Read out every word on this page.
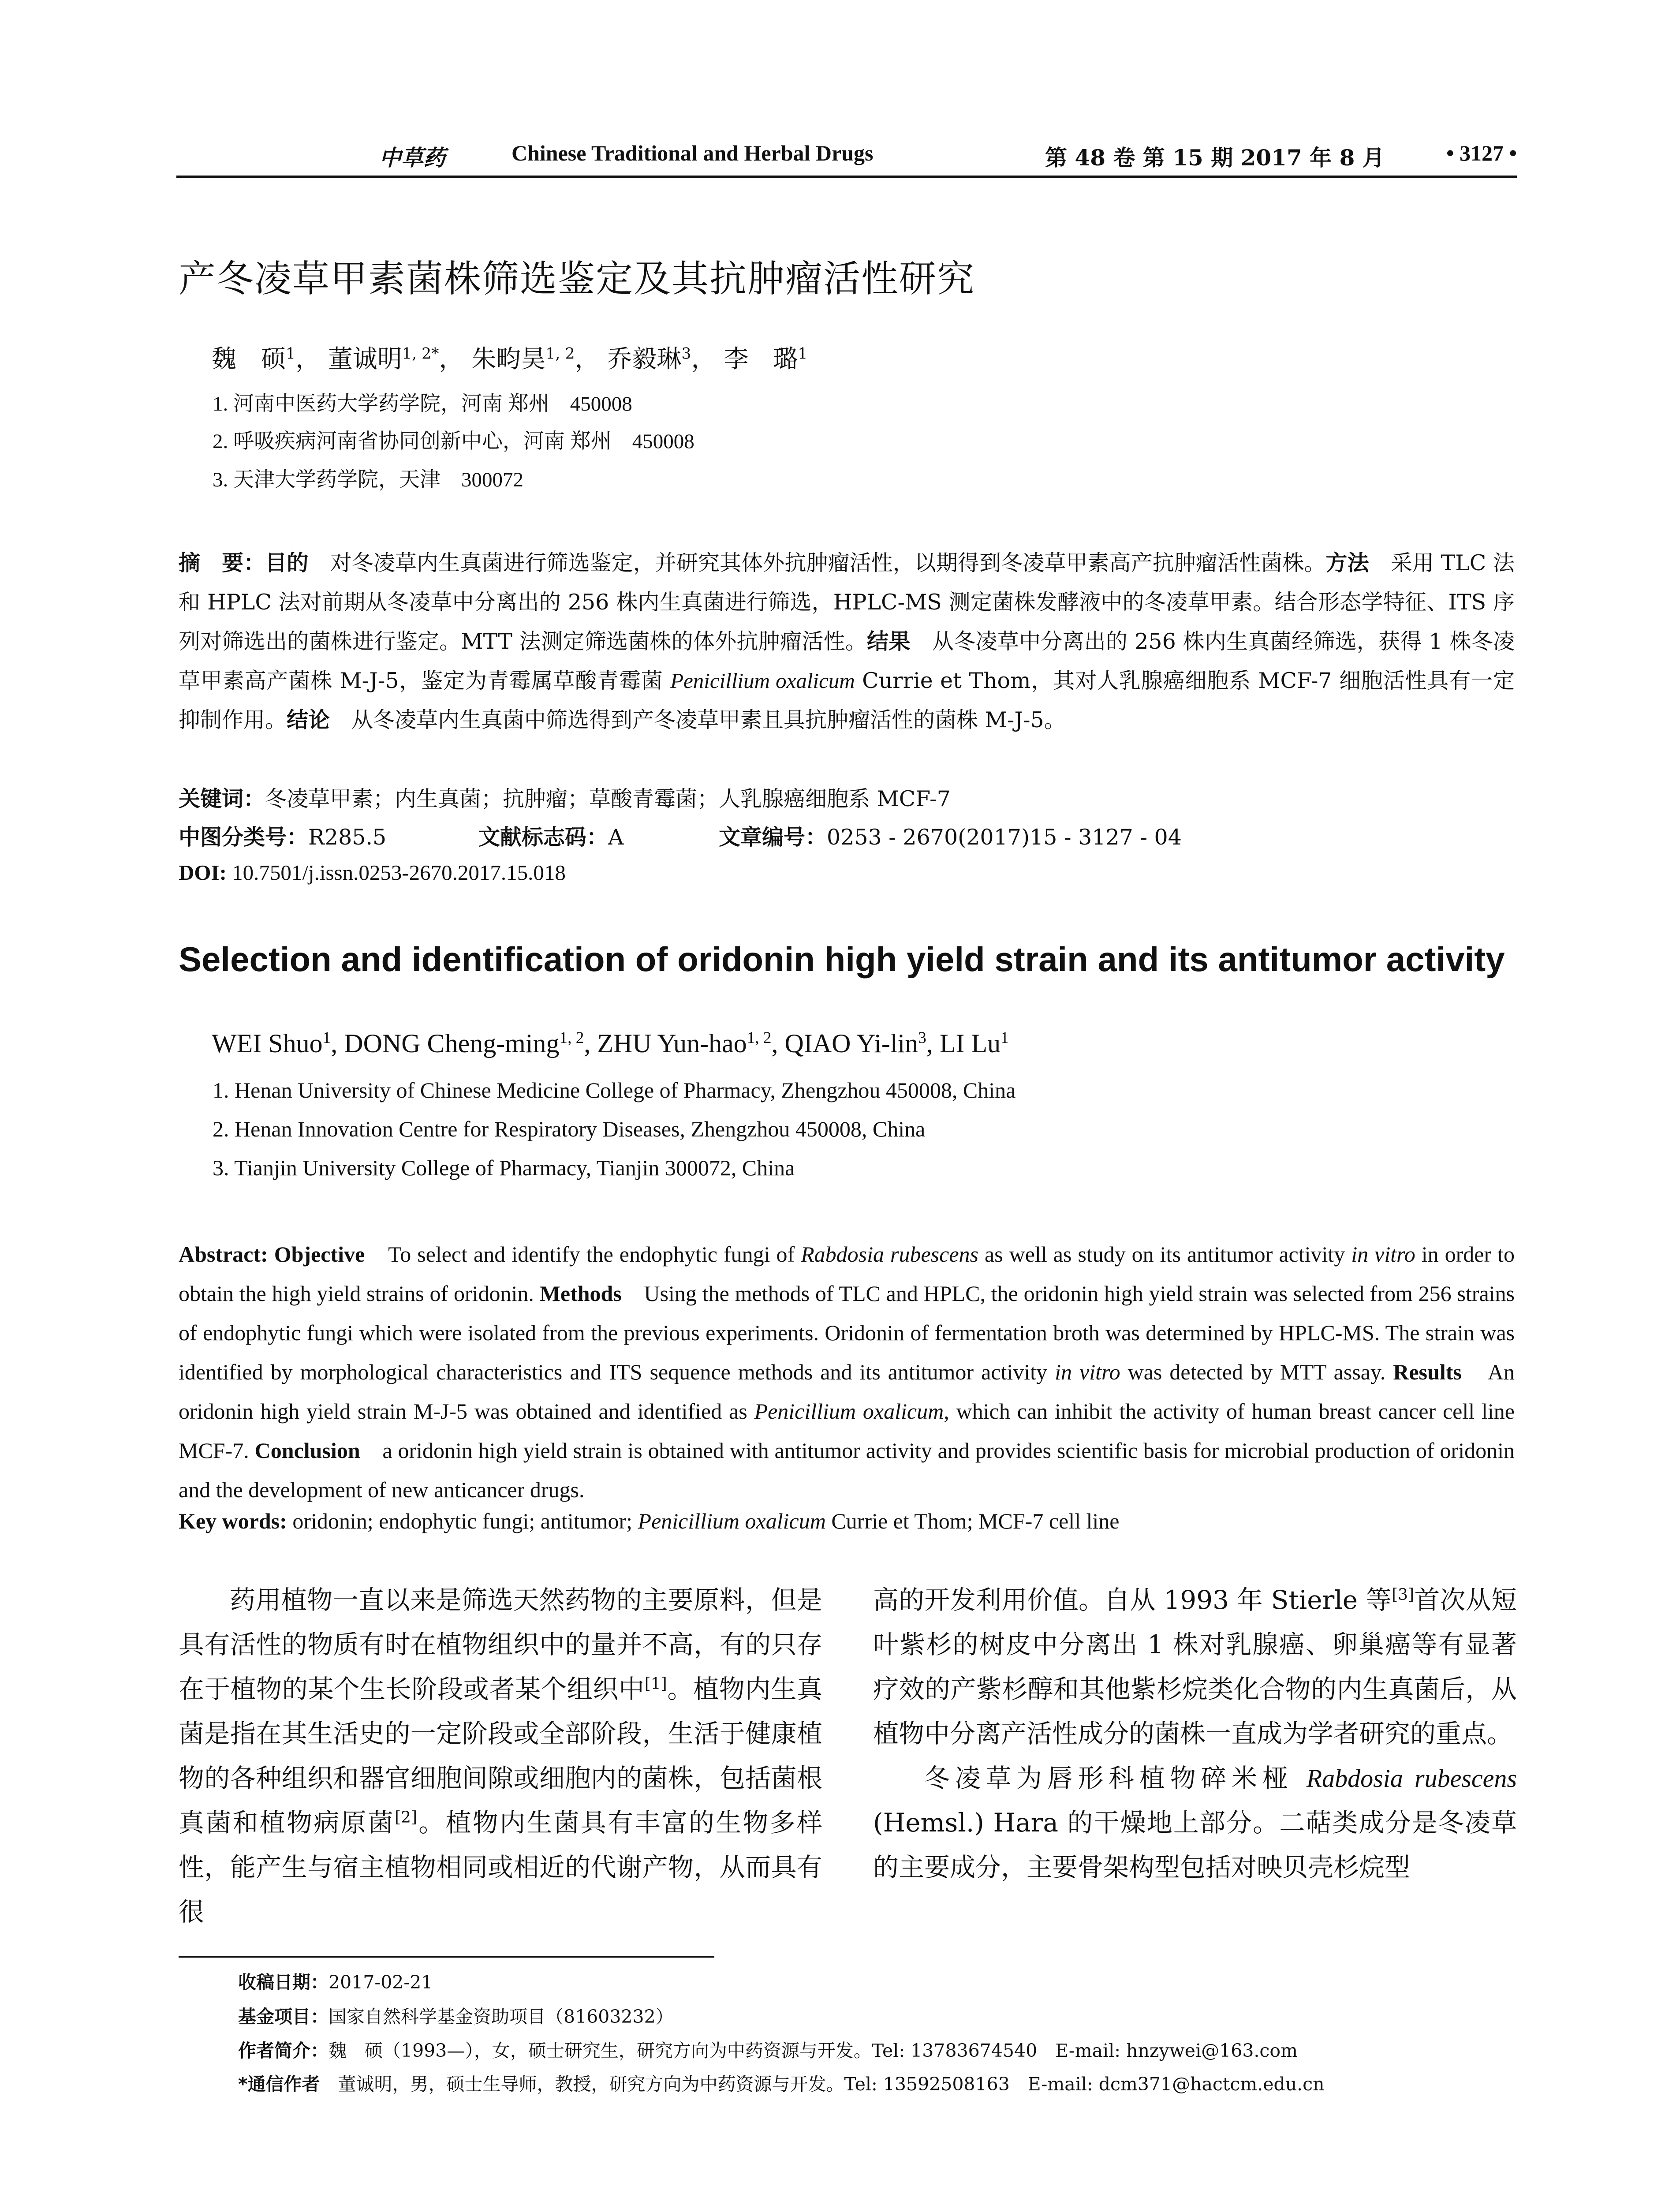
中草药	Chinese Traditional and Herbal Drugs	第 48 卷 第 15 期 2017 年 8 月	• 3127 •
产冬凌草甲素菌株筛选鉴定及其抗肿瘤活性研究
魏　硕$^1$， 董诚明$^{1, 2*}$， 朱畇昊$^{1, 2}$， 乔毅琳$^3$， 李　璐$^1$
1. 河南中医药大学药学院，河南 郑州　450008
2. 呼吸疾病河南省协同创新中心，河南 郑州　450008
3. 天津大学药学院，天津　300072
摘　要：目的　对冬凌草内生真菌进行筛选鉴定，并研究其体外抗肿瘤活性，以期得到冬凌草甲素高产抗肿瘤活性菌株。方法　采用 TLC 法和 HPLC 法对前期从冬凌草中分离出的 256 株内生真菌进行筛选，HPLC-MS 测定菌株发酵液中的冬凌草甲素。结合形态学特征、ITS 序列对筛选出的菌株进行鉴定。MTT 法测定筛选菌株的体外抗肿瘤活性。结果　从冬凌草中分离出的 256 株内生真菌经筛选，获得 1 株冬凌草甲素高产菌株 M-J-5，鉴定为青霉属草酸青霉菌 Penicillium oxalicum Currie et Thom，其对人乳腺癌细胞系 MCF-7 细胞活性具有一定抑制作用。结论　从冬凌草内生真菌中筛选得到产冬凌草甲素且具抗肿瘤活性的菌株 M-J-5。
关键词：冬凌草甲素；内生真菌；抗肿瘤；草酸青霉菌；人乳腺癌细胞系 MCF-7
中图分类号：R285.5	文献标志码：A	文章编号：0253 - 2670(2017)15 - 3127 - 04
DOI: 10.7501/j.issn.0253-2670.2017.15.018
Selection and identification of oridonin high yield strain and its antitumor activity
WEI Shuo$^1$, DONG Cheng-ming$^{1, 2}$, ZHU Yun-hao$^{1, 2}$, QIAO Yi-lin$^3$, LI Lu$^1$
1. Henan University of Chinese Medicine College of Pharmacy, Zhengzhou 450008, China
2. Henan Innovation Centre for Respiratory Diseases, Zhengzhou 450008, China
3. Tianjin University College of Pharmacy, Tianjin 300072, China
Abstract: Objective　To select and identify the endophytic fungi of Rabdosia rubescens as well as study on its antitumor activity in vitro in order to obtain the high yield strains of oridonin. Methods　Using the methods of TLC and HPLC, the oridonin high yield strain was selected from 256 strains of endophytic fungi which were isolated from the previous experiments. Oridonin of fermentation broth was determined by HPLC-MS. The strain was identified by morphological characteristics and ITS sequence methods and its antitumor activity in vitro was detected by MTT assay. Results　An oridonin high yield strain M-J-5 was obtained and identified as Penicillium oxalicum, which can inhibit the activity of human breast cancer cell line MCF-7. Conclusion　a oridonin high yield strain is obtained with antitumor activity and provides scientific basis for microbial production of oridonin and the development of new anticancer drugs.
Key words: oridonin; endophytic fungi; antitumor; Penicillium oxalicum Currie et Thom; MCF-7 cell line
药用植物一直以来是筛选天然药物的主要原料，但是具有活性的物质有时在植物组织中的量并不高，有的只存在于植物的某个生长阶段或者某个组织中[1]。植物内生真菌是指在其生活史的一定阶段或全部阶段，生活于健康植物的各种组织和器官细胞间隙或细胞内的菌株，包括菌根真菌和植物病原菌[2]。植物内生菌具有丰富的生物多样性，能产生与宿主植物相同或相近的代谢产物，从而具有很
高的开发利用价值。自从 1993 年 Stierle 等[3]首次从短叶紫杉的树皮中分离出 1 株对乳腺癌、卵巢癌等有显著疗效的产紫杉醇和其他紫杉烷类化合物的内生真菌后，从植物中分离产活性成分的菌株一直成为学者研究的重点。
冬凌草为唇形科植物碎米桠 Rabdosia rubescens (Hemsl.) Hara 的干燥地上部分。二萜类成分是冬凌草的主要成分，主要骨架构型包括对映贝壳杉烷型
收稿日期：2017-02-21
基金项目：国家自然科学基金资助项目（81603232）
作者简介：魏　硕（1993—），女，硕士研究生，研究方向为中药资源与开发。Tel: 13783674540　E-mail: hnzywei@163.com
*通信作者　董诚明，男，硕士生导师，教授，研究方向为中药资源与开发。Tel: 13592508163　E-mail: dcm371@hactcm.edu.cn
